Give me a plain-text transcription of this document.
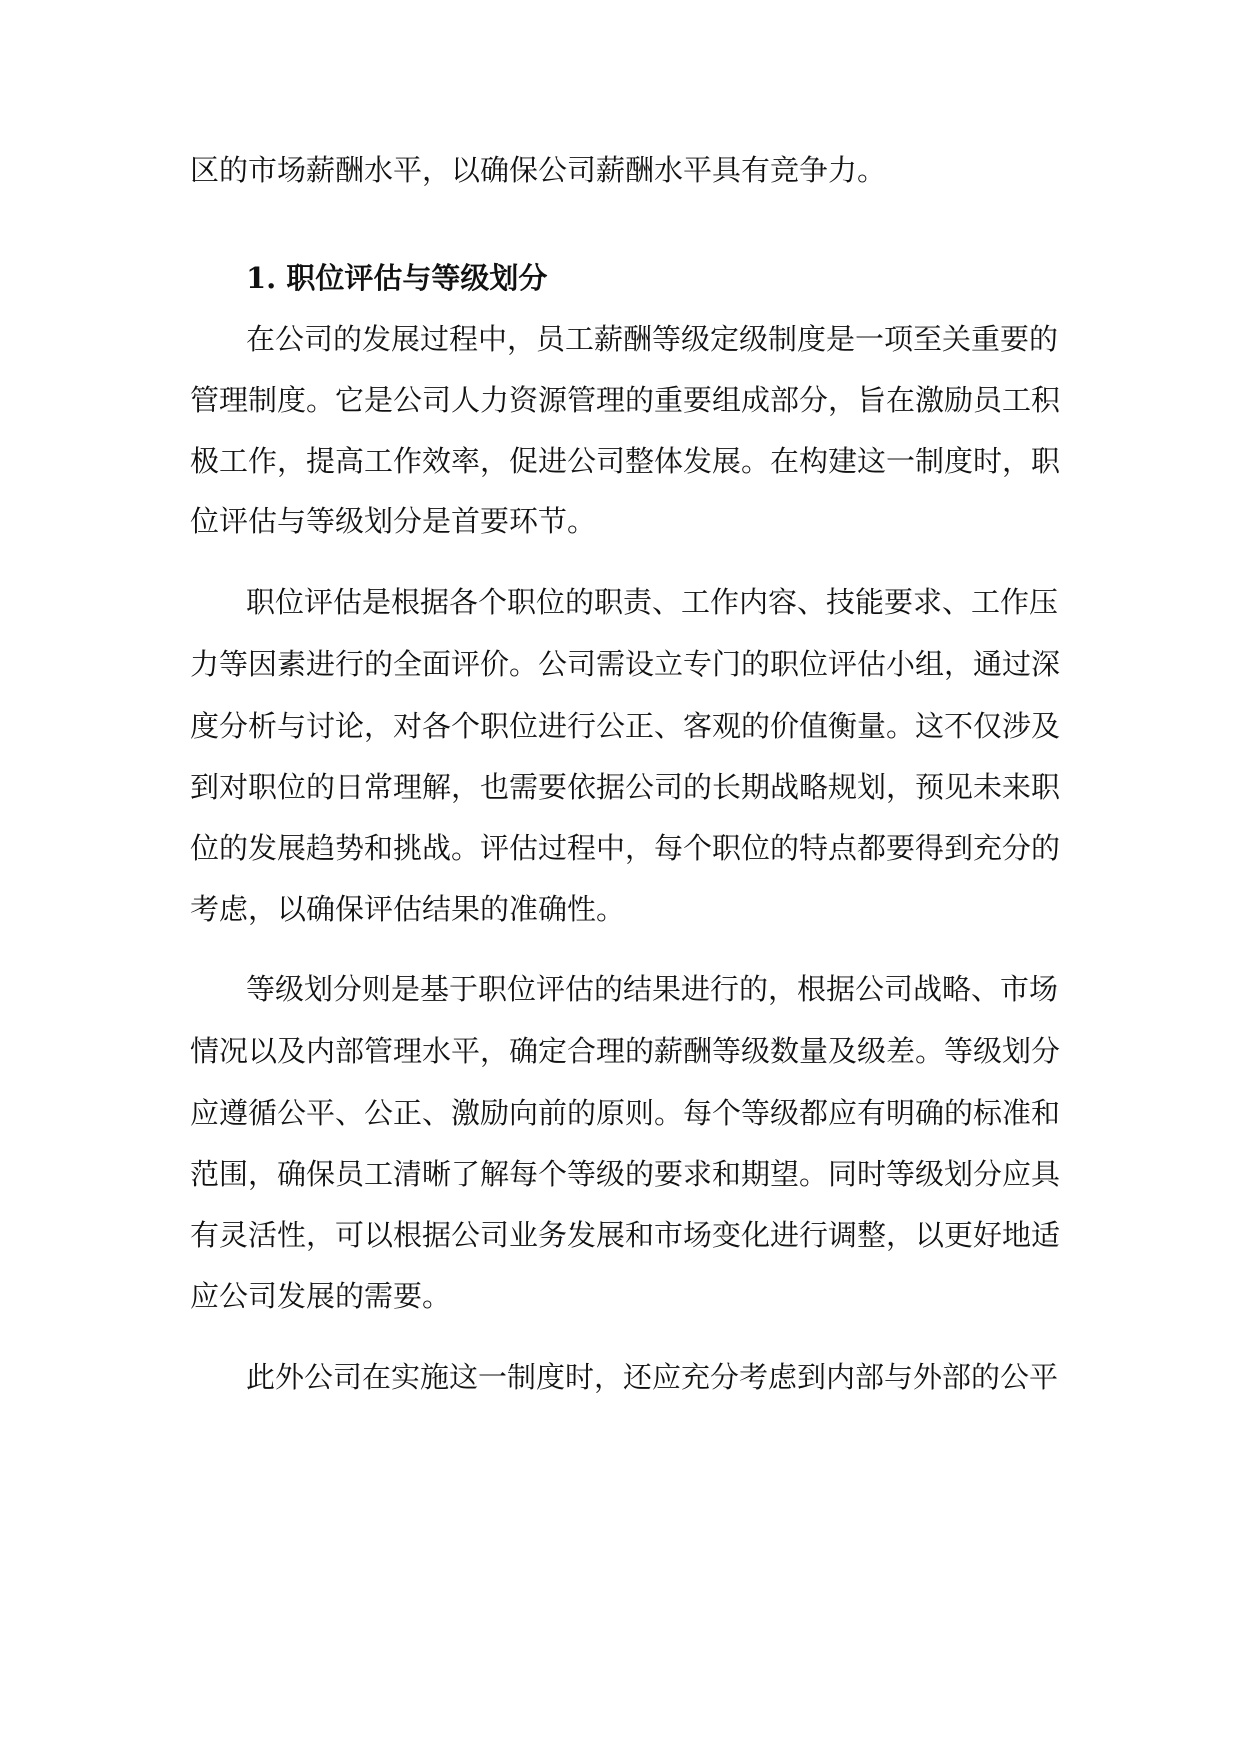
区的市场薪酬水平，以确保公司薪酬水平具有竞争力。
1. 职位评估与等级划分
在公司的发展过程中，员工薪酬等级定级制度是一项至关重要的
管理制度。它是公司人力资源管理的重要组成部分，旨在激励员工积
极工作，提高工作效率，促进公司整体发展。在构建这一制度时，职
位评估与等级划分是首要环节。
职位评估是根据各个职位的职责、工作内容、技能要求、工作压
力等因素进行的全面评价。公司需设立专门的职位评估小组，通过深
度分析与讨论，对各个职位进行公正、客观的价值衡量。这不仅涉及
到对职位的日常理解，也需要依据公司的长期战略规划，预见未来职
位的发展趋势和挑战。评估过程中，每个职位的特点都要得到充分的
考虑，以确保评估结果的准确性。
等级划分则是基于职位评估的结果进行的，根据公司战略、市场
情况以及内部管理水平，确定合理的薪酬等级数量及级差。等级划分
应遵循公平、公正、激励向前的原则。每个等级都应有明确的标准和
范围，确保员工清晰了解每个等级的要求和期望。同时等级划分应具
有灵活性，可以根据公司业务发展和市场变化进行调整，以更好地适
应公司发展的需要。
此外公司在实施这一制度时，还应充分考虑到内部与外部的公平
